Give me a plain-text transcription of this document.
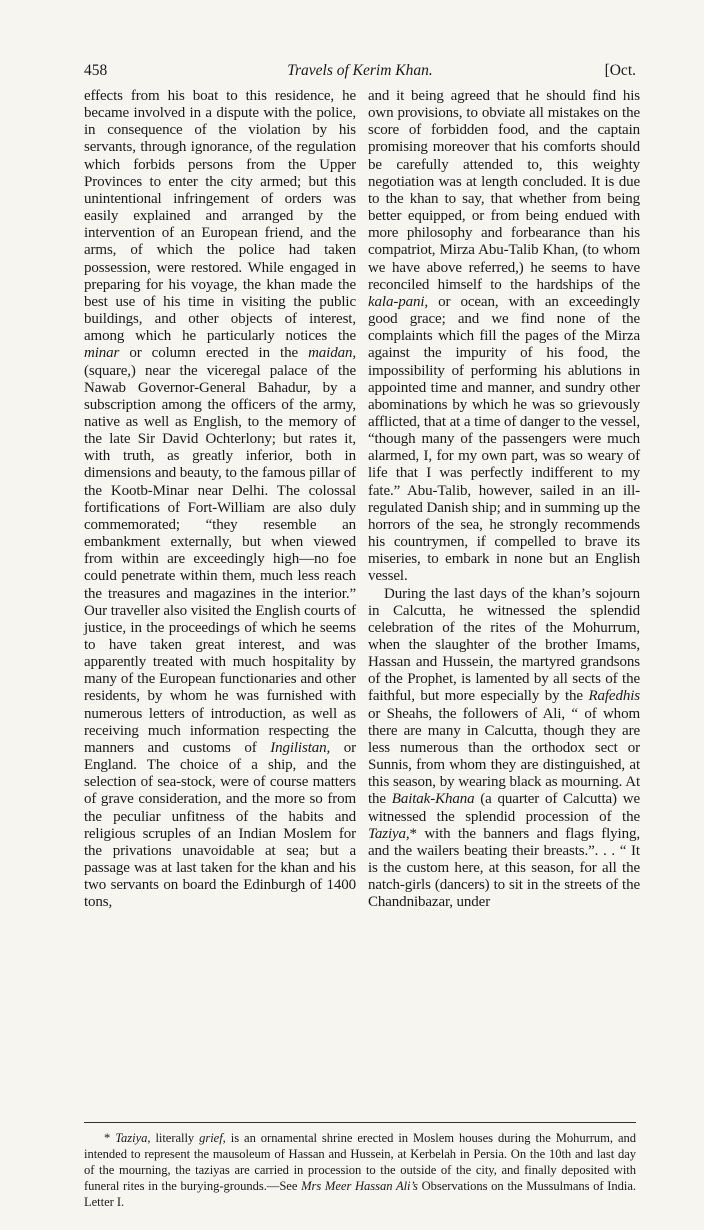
458	Travels of Kerim Khan.	[Oct.

effects from his boat to this residence, he became involved in a dispute with the police, in consequence of the violation by his servants, through ignorance, of the regulation which forbids persons from the Upper Provinces to enter the city armed; but this unintentional infringement of orders was easily explained and arranged by the intervention of an European friend, and the arms, of which the police had taken possession, were restored. While engaged in preparing for his voyage, the khan made the best use of his time in visiting the public buildings, and other objects of interest, among which he particularly notices the minar or column erected in the maidan, (square,) near the viceregal palace of the Nawab Governor-General Bahadur, by a subscription among the officers of the army, native as well as English, to the memory of the late Sir David Ochterlony; but rates it, with truth, as greatly inferior, both in dimensions and beauty, to the famous pillar of the Kootb-Minar near Delhi. The colossal fortifications of Fort-William are also duly commemorated; “they resemble an embankment externally, but when viewed from within are exceedingly high—no foe could penetrate within them, much less reach the treasures and magazines in the interior.” Our traveller also visited the English courts of justice, in the proceedings of which he seems to have taken great interest, and was apparently treated with much hospitality by many of the European functionaries and other residents, by whom he was furnished with numerous letters of introduction, as well as receiving much information respecting the manners and customs of Ingilistan, or England. The choice of a ship, and the selection of sea-stock, were of course matters of grave consideration, and the more so from the peculiar unfitness of the habits and religious scruples of an Indian Moslem for the privations unavoidable at sea; but a passage was at last taken for the khan and his two servants on board the Edinburgh of 1400 tons,

and it being agreed that he should find his own provisions, to obviate all mistakes on the score of forbidden food, and the captain promising moreover that his comforts should be carefully attended to, this weighty negotiation was at length concluded. It is due to the khan to say, that whether from being better equipped, or from being endued with more philosophy and forbearance than his compatriot, Mirza Abu-Talib Khan, (to whom we have above referred,) he seems to have reconciled himself to the hardships of the kala-pani, or ocean, with an exceedingly good grace; and we find none of the complaints which fill the pages of the Mirza against the impurity of his food, the impossibility of performing his ablutions in appointed time and manner, and sundry other abominations by which he was so grievously afflicted, that at a time of danger to the vessel, “though many of the passengers were much alarmed, I, for my own part, was so weary of life that I was perfectly indifferent to my fate.” Abu-Talib, however, sailed in an ill-regulated Danish ship; and in summing up the horrors of the sea, he strongly recommends his countrymen, if compelled to brave its miseries, to embark in none but an English vessel.

During the last days of the khan’s sojourn in Calcutta, he witnessed the splendid celebration of the rites of the Mohurrum, when the slaughter of the brother Imams, Hassan and Hussein, the martyred grandsons of the Prophet, is lamented by all sects of the faithful, but more especially by the Rafedhis or Sheahs, the followers of Ali, “ of whom there are many in Calcutta, though they are less numerous than the orthodox sect or Sunnis, from whom they are distinguished, at this season, by wearing black as mourning. At the Baitak-Khana (a quarter of Calcutta) we witnessed the splendid procession of the Taziya,* with the banners and flags flying, and the wailers beating their breasts.”. . . “ It is the custom here, at this season, for all the natch-girls (dancers) to sit in the streets of the Chandnibazar, under

* Taziya, literally grief, is an ornamental shrine erected in Moslem houses during the Mohurrum, and intended to represent the mausoleum of Hassan and Hussein, at Kerbelah in Persia. On the 10th and last day of the mourning, the taziyas are carried in procession to the outside of the city, and finally deposited with funeral rites in the burying-grounds.—See Mrs Meer Hassan Ali’s Observations on the Mussulmans of India. Letter I.
